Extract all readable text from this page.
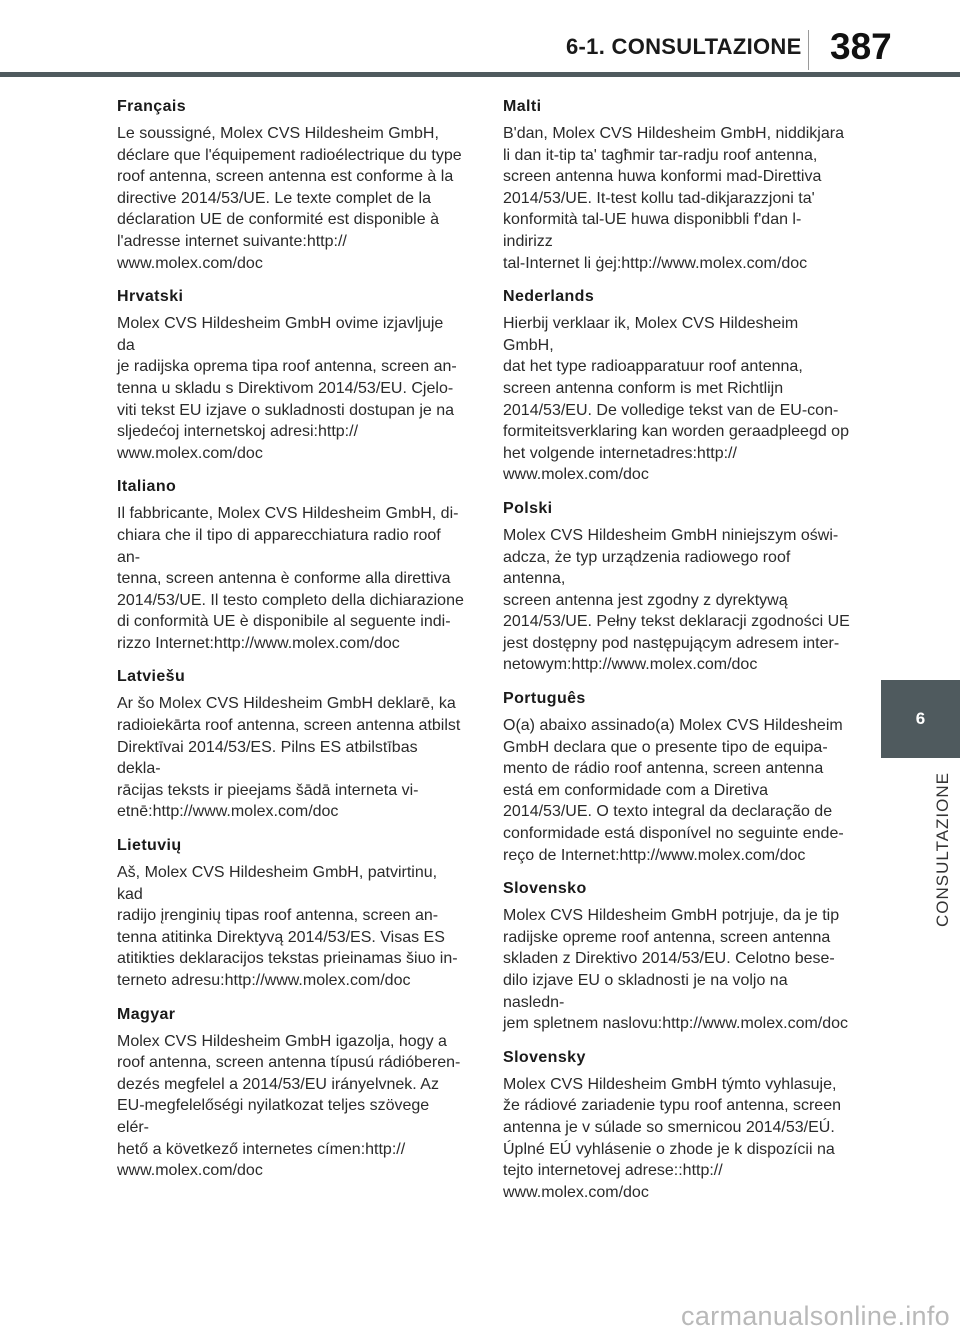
6-1. CONSULTAZIONE 387
Français

Le soussigné, Molex CVS Hildesheim GmbH,
déclare que l'équipement radioélectrique du type
roof antenna, screen antenna est conforme à la
directive 2014/53/UE. Le texte complet de la
déclaration UE de conformité est disponible à
l'adresse internet suivante:http://
www.molex.com/doc

Hrvatski

Molex CVS Hildesheim GmbH ovime izjavljuje da
je radijska oprema tipa roof antenna, screen an-
tenna u skladu s Direktivom 2014/53/EU. Cjelo-
viti tekst EU izjave o sukladnosti dostupan je na
sljedećoj internetskoj adresi:http://
www.molex.com/doc

Italiano

Il fabbricante, Molex CVS Hildesheim GmbH, di-
chiara che il tipo di apparecchiatura radio roof an-
tenna, screen antenna è conforme alla direttiva
2014/53/UE. Il testo completo della dichiarazione
di conformità UE è disponibile al seguente indi-
rizzo Internet:http://www.molex.com/doc

Latviešu

Ar šo Molex CVS Hildesheim GmbH deklarē, ka
radioiekārta roof antenna, screen antenna atbilst
Direktīvai 2014/53/ES. Pilns ES atbilstības dekla-
rācijas teksts ir pieejams šādā interneta vi-
etnē:http://www.molex.com/doc

Lietuvių

Aš, Molex CVS Hildesheim GmbH, patvirtinu, kad
radijo įrenginių tipas roof antenna, screen an-
tenna atitinka Direktyvą 2014/53/ES. Visas ES
atitikties deklaracijos tekstas prieinamas šiuo in-
terneto adresu:http://www.molex.com/doc

Magyar

Molex CVS Hildesheim GmbH igazolja, hogy a
roof antenna, screen antenna típusú rádióberen-
dezés megfelel a 2014/53/EU irányelvnek. Az
EU-megfelelőségi nyilatkozat teljes szövege elér-
hető a következő internetes címen:http://
www.molex.com/doc

Malti

B'dan, Molex CVS Hildesheim GmbH, niddikjara
li dan it-tip ta' tagħmir tar-radju roof antenna,
screen antenna huwa konformi mad-Direttiva
2014/53/UE. It-test kollu tad-dikjarazzjoni ta'
konformità tal-UE huwa disponibbli f'dan l-indirizz
tal-Internet li ġej:http://www.molex.com/doc

Nederlands

Hierbij verklaar ik, Molex CVS Hildesheim GmbH,
dat het type radioapparatuur roof antenna,
screen antenna conform is met Richtlijn
2014/53/EU. De volledige tekst van de EU-con-
formiteitsverklaring kan worden geraadpleegd op
het volgende internetadres:http://
www.molex.com/doc

Polski

Molex CVS Hildesheim GmbH niniejszym oświ-
adcza, że typ urządzenia radiowego roof antenna,
screen antenna jest zgodny z dyrektywą
2014/53/UE. Pełny tekst deklaracji zgodności UE
jest dostępny pod następującym adresem inter-
netowym:http://www.molex.com/doc

Português

O(a) abaixo assinado(a) Molex CVS Hildesheim
GmbH declara que o presente tipo de equipa-
mento de rádio roof antenna, screen antenna
está em conformidade com a Diretiva
2014/53/UE. O texto integral da declaração de
conformidade está disponível no seguinte ende-
reço de Internet:http://www.molex.com/doc

Slovensko

Molex CVS Hildesheim GmbH potrjuje, da je tip
radijske opreme roof antenna, screen antenna
skladen z Direktivo 2014/53/EU. Celotno bese-
dilo izjave EU o skladnosti je na voljo na nasledn-
jem spletnem naslovu:http://www.molex.com/doc

Slovensky

Molex CVS Hildesheim GmbH týmto vyhlasuje,
že rádiové zariadenie typu roof antenna, screen
antenna je v súlade so smernicou 2014/53/EÚ.
Úplné EÚ vyhlásenie o zhode je k dispozícii na
tejto internetovej adrese::http://
www.molex.com/doc

6
CONSULTAZIONE
carmanualsonline.info
